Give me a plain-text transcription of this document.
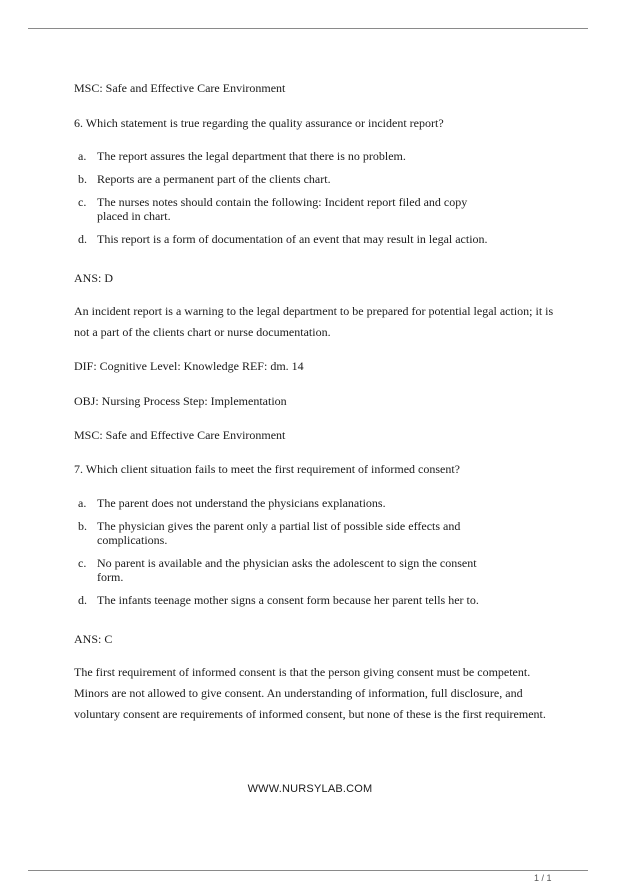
MSC: Safe and Effective Care Environment

6. Which statement is true regarding the quality assurance or incident report?

a. The report assures the legal department that there is no problem.
b. Reports are a permanent part of the clients chart.
c. The nurses notes should contain the following: Incident report filed and copy placed in chart.
d. This report is a form of documentation of an event that may result in legal action.

ANS: D

An incident report is a warning to the legal department to be prepared for potential legal action; it is not a part of the clients chart or nurse documentation.

DIF: Cognitive Level: Knowledge REF: dm. 14

OBJ: Nursing Process Step: Implementation

MSC: Safe and Effective Care Environment

7. Which client situation fails to meet the first requirement of informed consent?

a. The parent does not understand the physicians explanations.
b. The physician gives the parent only a partial list of possible side effects and complications.
c. No parent is available and the physician asks the adolescent to sign the consent form.
d. The infants teenage mother signs a consent form because her parent tells her to.

ANS: C

The first requirement of informed consent is that the person giving consent must be competent. Minors are not allowed to give consent. An understanding of information, full disclosure, and voluntary consent are requirements of informed consent, but none of these is the first requirement.

WWW.NURSYLAB.COM
1 / 1
